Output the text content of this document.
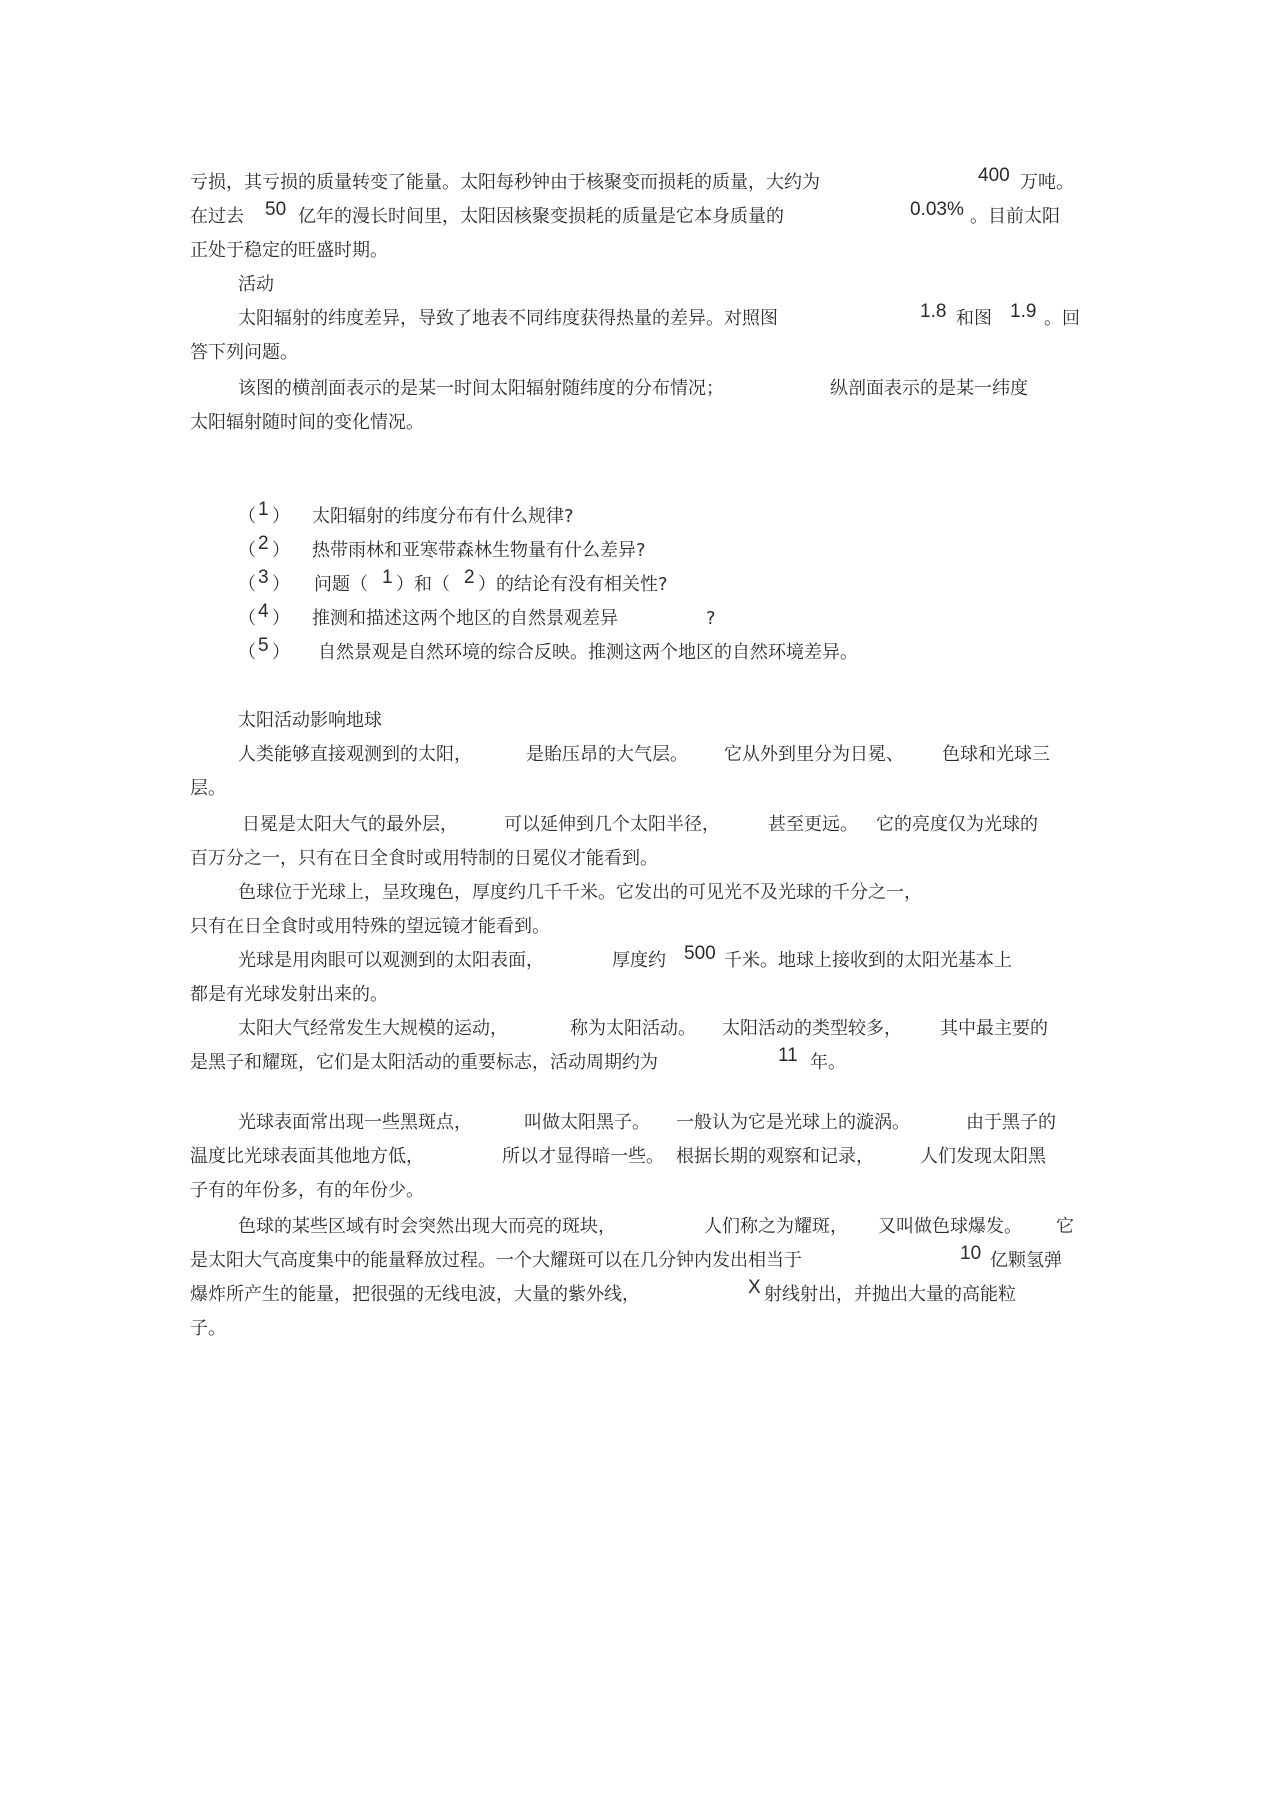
亏损，其亏损的质量转变了能量。太阳每秒钟由于核聚变而损耗的质量，大约为	400 万吨。
在过去 50 亿年的漫长时间里，太阳因核聚变损耗的质量是它本身质量的	0.03% 。目前太阳
正处于稳定的旺盛时期。
活动
太阳辐射的纬度差异，导致了地表不同纬度获得热量的差异。对照图	1.8 和图 1.9 。回
答下列问题。
该图的横剖面表示的是某一时间太阳辐射随纬度的分布情况；	纵剖面表示的是某一纬度
太阳辐射随时间的变化情况。
（ 1 ） 太阳辐射的纬度分布有什么规律?
（ 2 ） 热带雨林和亚寒带森林生物量有什么差异?
（ 3 ） 问题（ 1 ）和（ 2 ）的结论有没有相关性?
（ 4 ） 推测和描述这两个地区的自然景观差异	?
（ 5 ） 自然景观是自然环境的综合反映。推测这两个地区的自然环境差异。
太阳活动影响地球
人类能够直接观测到的太阳，	是貽压昂的大气层。 它从外到里分为日冕、 色球和光球三
层。
日冕是太阳大气的最外层，	可以延伸到几个太阳半径，	甚至更远。 它的亮度仅为光球的
百万分之一，只有在日全食时或用特制的日冕仪才能看到。
色球位于光球上，呈玫瑰色，厚度约几千千米。它发出的可见光不及光球的千分之一，
只有在日全食时或用特殊的望远镜才能看到。
光球是用肉眼可以观测到的太阳表面，	厚度约 500 千米。地球上接收到的太阳光基本上
都是有光球发射出来的。
太阳大气经常发生大规模的运动，	称为太阳活动。 太阳活动的类型较多， 其中最主要的
是黑子和耀斑，它们是太阳活动的重要标志，活动周期约为	11 年。
光球表面常出现一些黑斑点，	叫做太阳黑子。 一般认为它是光球上的漩涡。	由于黑子的
温度比光球表面其他地方低，	所以才显得暗一些。 根据长期的观察和记录，	人们发现太阳黑
子有的年份多，有的年份少。
色球的某些区域有时会突然出现大而亮的斑块，	人们称之为耀斑， 又叫做色球爆发。 它
是太阳大气高度集中的能量释放过程。一个大耀斑可以在几分钟内发出相当于	10 亿颗氢弹
爆炸所产生的能量，把很强的无线电波，大量的紫外线，	X 射线射出，并抛出大量的高能粒
子。
